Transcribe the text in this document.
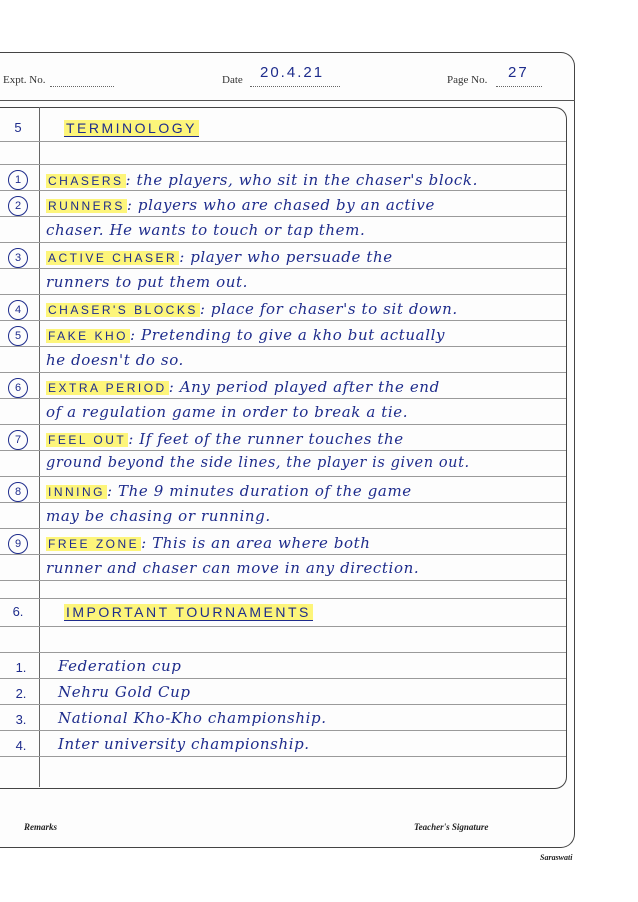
Expt. No.	Date 20.4.21	Page No. 27
5	TERMINOLOGY
1	CHASERS : the players, who sit in the chaser's block.
2	RUNNERS : players who are chased by an active
chaser. He wants to touch or tap them.
3	ACTIVE CHASER : player who persuade the
runners to put them out.
4	CHASER'S BLOCKS : place for chaser's to sit down.
5	FAKE KHO : Pretending to give a kho but actually
he doesn't do so.
6	EXTRA PERIOD : Any period played after the end
of a regulation game in order to break a tie.
7	FEEL OUT : If feet of the runner touches the
ground beyond the side lines, the player is given out.
8	INNING : The 9 minutes duration of the game
may be chasing or running.
9	FREE ZONE : This is an area where both
runner and chaser can move in any direction.
6.	IMPORTANT TOURNAMENTS
1. Federation cup
2. Nehru Gold Cup
3. National Kho-Kho championship.
4. Inter university championship.
Remarks	Teacher's Signature
Saraswati
